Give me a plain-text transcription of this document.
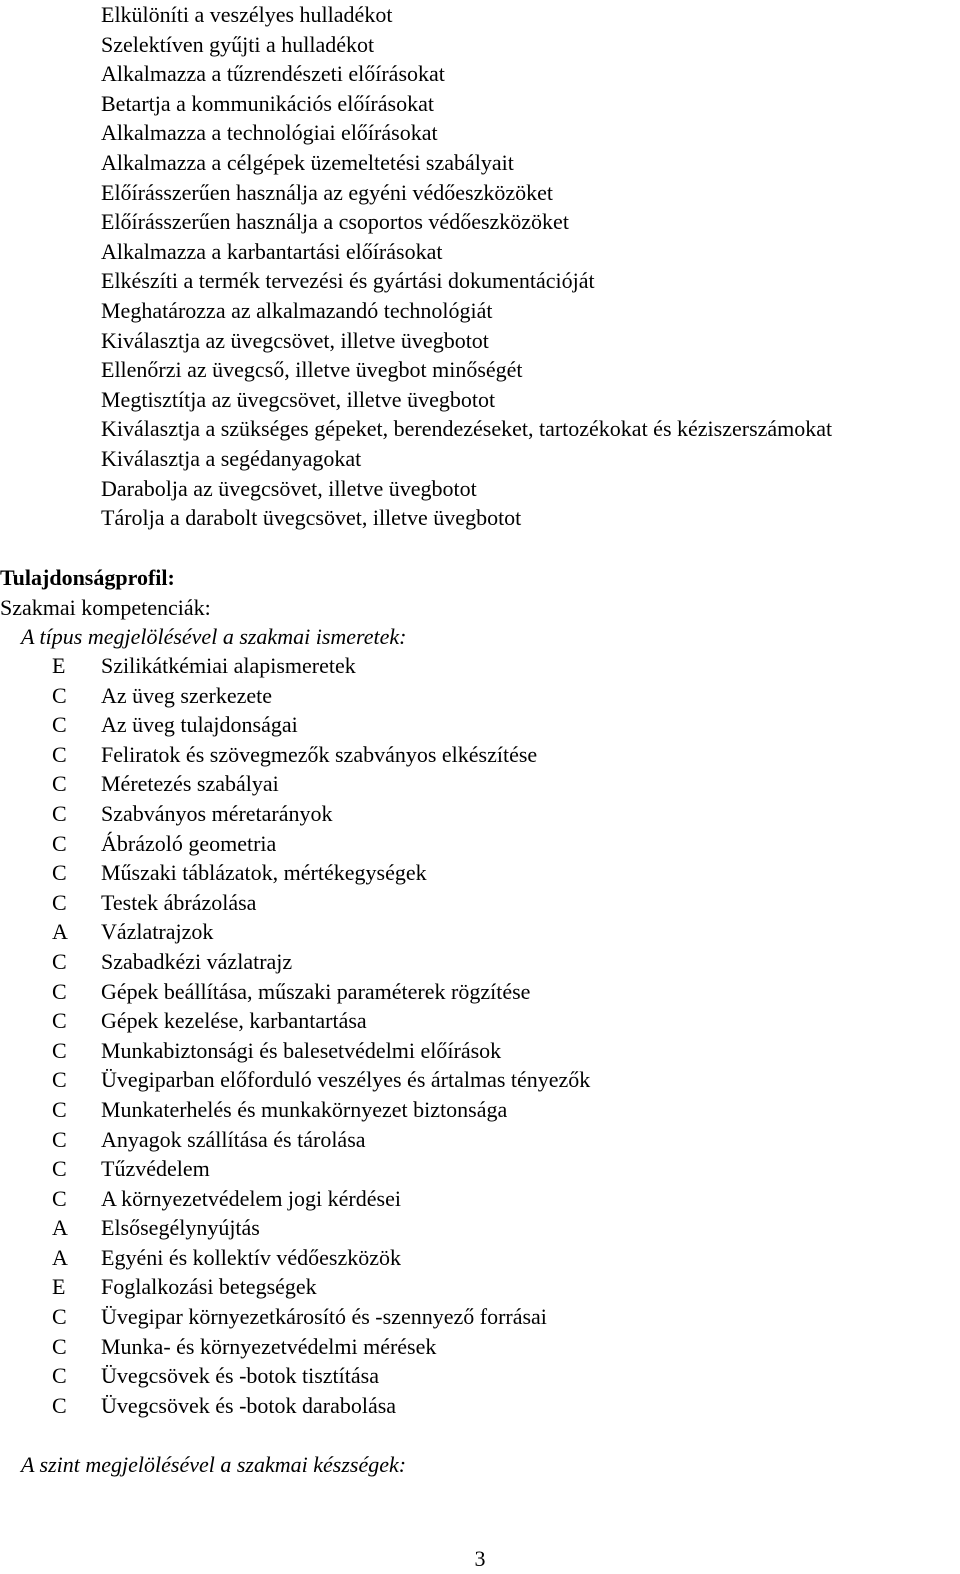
Elkülöníti a veszélyes hulladékot
Szelektíven gyűjti a hulladékot
Alkalmazza a tűzrendészeti előírásokat
Betartja a kommunikációs előírásokat
Alkalmazza a technológiai előírásokat
Alkalmazza a célgépek üzemeltetési szabályait
Előírásszerűen használja az egyéni védőeszközöket
Előírásszerűen használja a csoportos védőeszközöket
Alkalmazza a karbantartási előírásokat
Elkészíti a termék tervezési és gyártási dokumentációját
Meghatározza az alkalmazandó technológiát
Kiválasztja az üvegcsövet, illetve üvegbotot
Ellenőrzi az üvegcső, illetve üvegbot minőségét
Megtisztítja az üvegcsövet, illetve üvegbotot
Kiválasztja a szükséges gépeket, berendezéseket, tartozékokat és kéziszerszámokat
Kiválasztja a segédanyagokat
Darabolja az üvegcsövet, illetve üvegbotot
Tárolja a darabolt üvegcsövet, illetve üvegbotot
Tulajdonságprofil:
Szakmai kompetenciák:
A típus megjelölésével a szakmai ismeretek:
E	Szilikátkémiai alapismeretek
C	Az üveg szerkezete
C	Az üveg tulajdonságai
C	Feliratok és szövegmezők szabványos elkészítése
C	Méretezés szabályai
C	Szabványos méretarányok
C	Ábrázoló geometria
C	Műszaki táblázatok, mértékegységek
C	Testek ábrázolása
A	Vázlatrajzok
C	Szabadkézi vázlatrajz
C	Gépek beállítása, műszaki paraméterek rögzítése
C	Gépek kezelése, karbantartása
C	Munkabiztonsági és balesetvédelmi előírások
C	Üvegiparban előforduló veszélyes és ártalmas tényezők
C	Munkaterhelés és munkakörnyezet biztonsága
C	Anyagok szállítása és tárolása
C	Tűzvédelem
C	A környezetvédelem jogi kérdései
A	Elsősegélynyújtás
A	Egyéni és kollektív védőeszközök
E	Foglalkozási betegségek
C	Üvegipar környezetkárosító és -szennyező forrásai
C	Munka- és környezetvédelmi mérések
C	Üvegcsövek és -botok tisztítása
C	Üvegcsövek és -botok darabolása
A szint megjelölésével a szakmai készségek:
3
